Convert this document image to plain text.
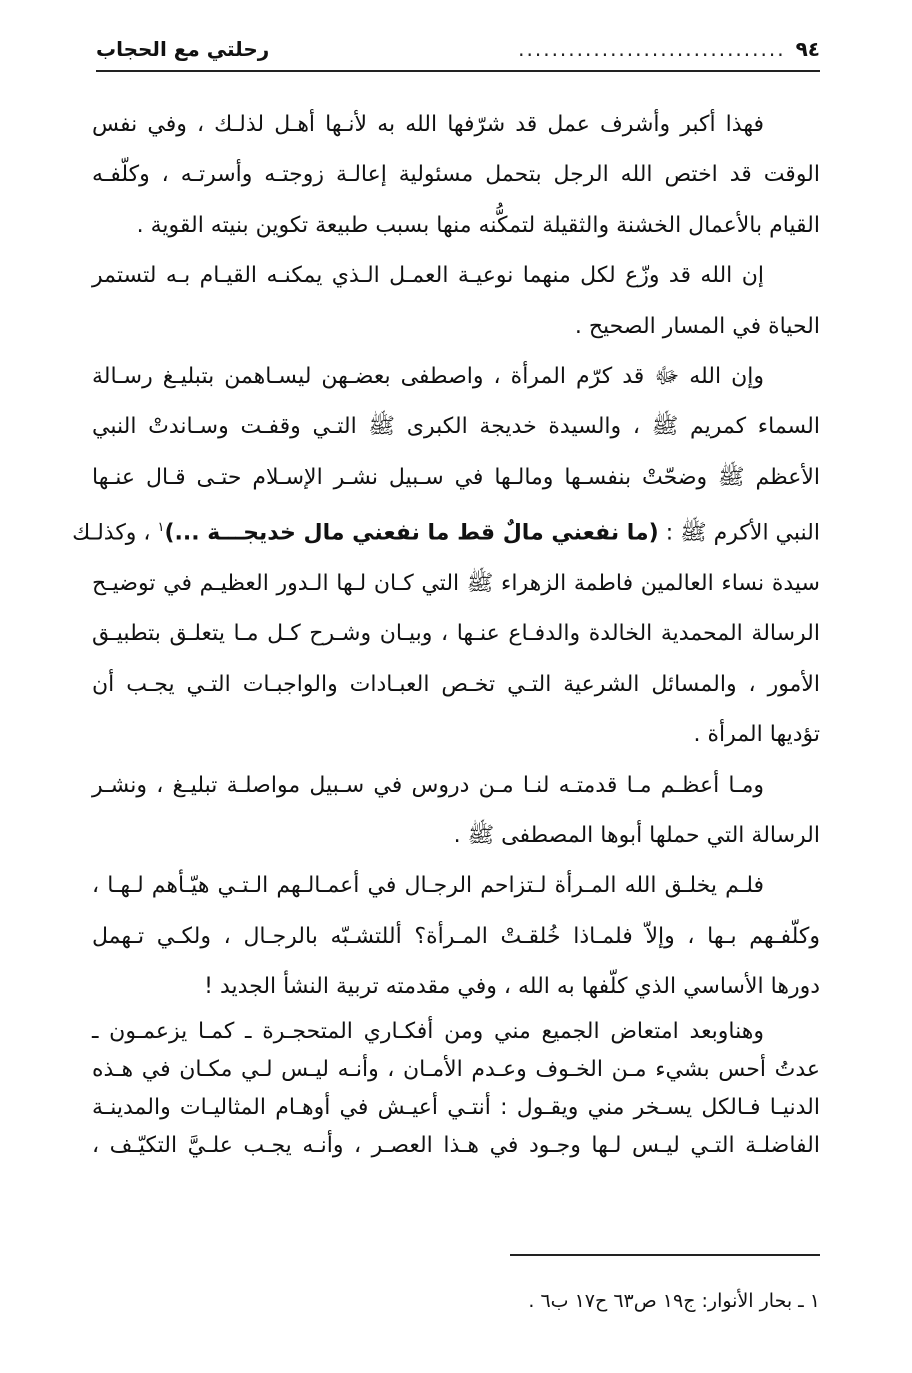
٩٤
................................
رحلتي مع الحجاب
فهذا أكبر وأشرف عمل قد شرّفها الله به لأنـها أهـل لذلـك ، وفي نفس
الوقت قد اختص الله الرجل بتحمل مسئولية إعالـة زوجتـه وأسرتـه ، وكلّفـه
القيام بالأعمال الخشنة والثقيلة لتمكُّنه منها بسبب طبيعة تكوين بنيته القوية .
إن الله قد وزّع لكل منهما نوعيـة العمـل الـذي يمكنـه القيـام بـه لتستمر
الحياة في المسار الصحيح .
وإن الله ﷻ قد كرّم المرأة ، واصطفى بعضـهن ليسـاهمن بتبليـغ رسـالة
السماء كمريم ﷺ ، والسيدة خديجة الكبرى ﷺ التـي وقفـت وسـاندتْ النبي
الأعظم ﷺ وضحّتْ بنفسـها ومالـها في سـبيل نشـر الإسـلام حتـى قـال عنـها
النبي الأكرم ﷺ : (ما نفعني مالٌ قط ما نفعني مال خديجـــة ...)$^١$ ، وكذلـك
سيدة نساء العالمين فاطمة الزهراء ﷺ التي كـان لـها الـدور العظيـم في توضيـح
الرسالة المحمدية الخالدة والدفـاع عنـها ، وبيـان وشـرح كـل مـا يتعلـق بتطبيـق
الأمور ، والمسائل الشرعية التـي تخـص العبـادات والواجبـات التـي يجـب أن
تؤديها المرأة .
ومـا أعظـم مـا قدمتـه لنـا مـن دروس في سـبيل مواصلـة تبليـغ ، ونشـر
الرسالة التي حملها أبوها المصطفى ﷺ .
فلـم يخلـق الله المـرأة لـتزاحم الرجـال في أعمـالـهم الـتـي هيّـأهم لـهـا ،
وكلّفـهم بـها ، وإلاّ فلمـاذا خُلقـتْ المـرأة؟ أللتشـبّه بالرجـال ، ولكـي تـهمل
دورها الأساسي الذي كلّفها به الله ، وفي مقدمته تربية النشأ الجديد !
وهناوبعد امتعاض الجميع مني ومن أفكـاري المتحجـرة ـ كمـا يزعمـون ـ
عدتُ أحس بشيء مـن الخـوف وعـدم الأمـان ، وأنـه ليـس لـي مكـان في هـذه
الدنيـا فـالكل يسـخر مني ويقـول : أنتـي أعيـش في أوهـام المثاليـات والمدينـة
الفاضلـة التـي ليـس لـها وجـود في هـذا العصـر ، وأنـه يجـب علـيَّ التكيّـف ،
١ ـ بحار الأنوار: ج١٩ ص٦٣ ح١٧ ب٦ .
